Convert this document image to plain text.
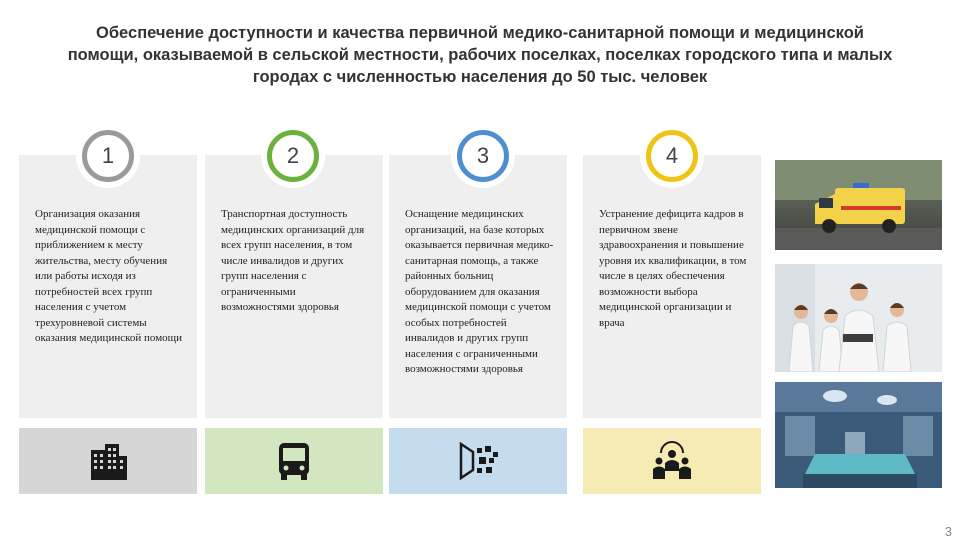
Обеспечение доступности и качества первичной медико-санитарной помощи и медицинской
помощи, оказываемой в сельской местности, рабочих поселках, поселках городского типа и малых
городах с численностью населения до 50 тыс. человек
Организация оказания медицинской помощи с приближением к месту жительства, месту обучения или работы исходя из потребностей всех групп населения с учетом трехуровневой системы оказания медицинской помощи
1
Транспортная доступность медицинских организаций для всех групп населения, в том числе инвалидов и других групп населения с ограниченными возможностями здоровья
2
Оснащение медицинских организаций, на базе которых оказывается первичная медико-санитарная помощь, а также районных больниц оборудованием для оказания медицинской помощи с учетом особых потребностей инвалидов и других групп населения с ограниченными возможностями здоровья
3
Устранение дефицита кадров в первичном звене здравоохранения и повышение уровня их квалификации, в том числе в целях обеспечения возможности выбора медицинской организации и врача
4
3
